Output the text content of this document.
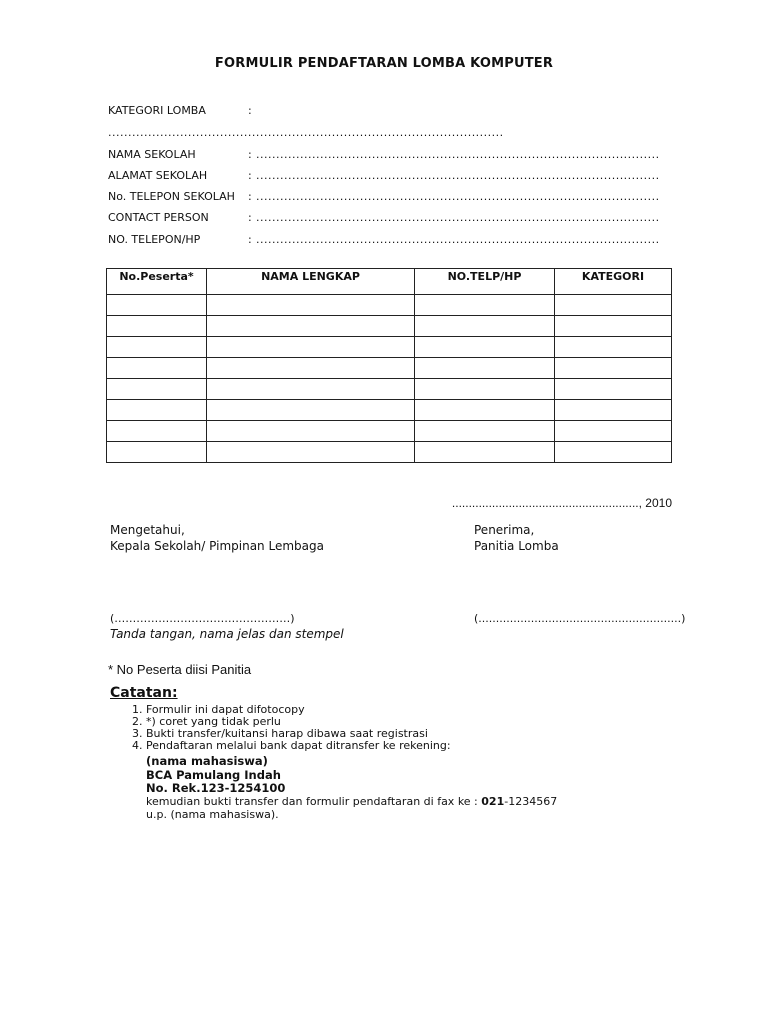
FORMULIR PENDAFTARAN LOMBA KOMPUTER
KATEGORI LOMBA	:
...................................................................................................
NAMA SEKOLAH	: .....................................................................................................
ALAMAT SEKOLAH	: .....................................................................................................
No. TELEPON SEKOLAH : .....................................................................................................
CONTACT PERSON	: .....................................................................................................
NO. TELEPON/HP	: .....................................................................................................
No.Peserta*	NAMA LENGKAP	NO.TELP/HP	KATEGORI

........................................................, 2010
Mengetahui,
Kepala Sekolah/ Pimpinan Lembaga
Penerima,
Panitia Lomba
(…………………………………………)	(..........................................................)
Tanda tangan, nama jelas dan stempel
* No Peserta diisi Panitia
Catatan:
1. Formulir ini dapat difotocopy
2. *) coret yang tidak perlu
3. Bukti transfer/kuitansi harap dibawa saat registrasi
4. Pendaftaran melalui bank dapat ditransfer ke rekening:
(nama mahasiswa)
BCA Pamulang Indah
No. Rek.123-1254100
kemudian bukti transfer dan formulir pendaftaran di fax ke : 021-1234567
u.p. (nama mahasiswa).
